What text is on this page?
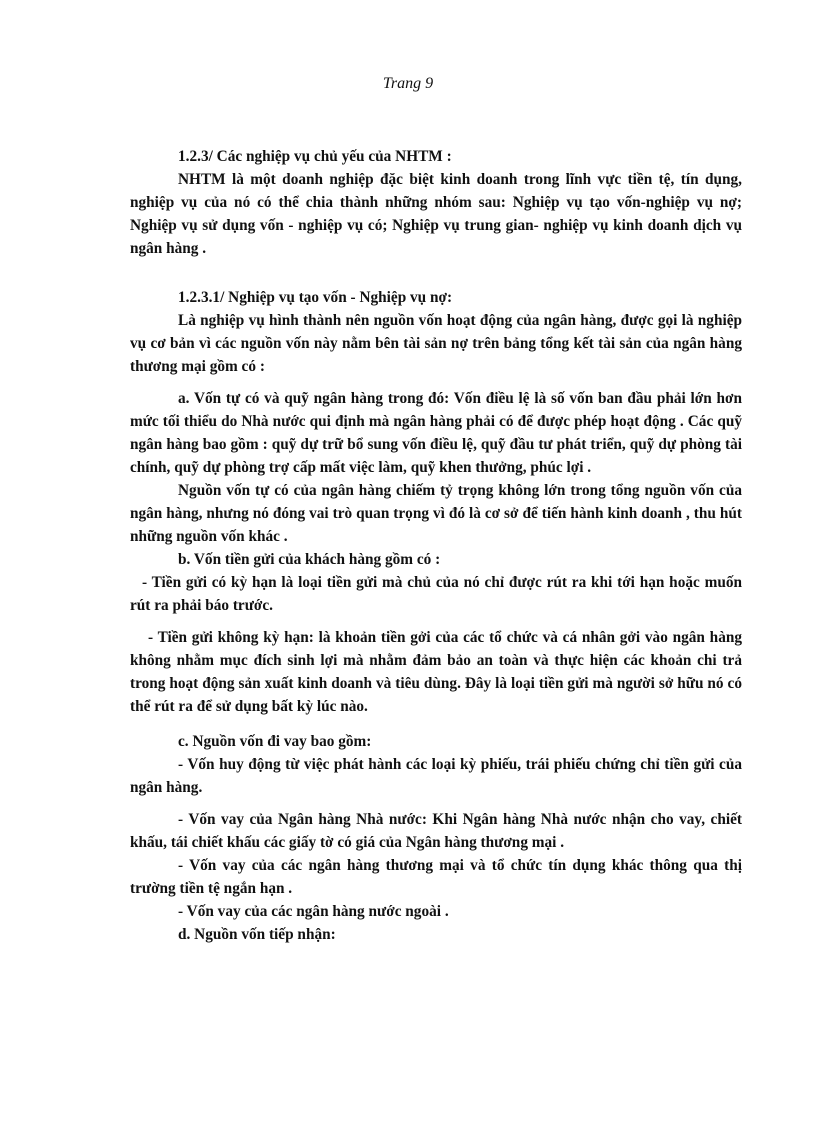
Trang 9

1.2.3/ Các nghiệp vụ chủ yếu của NHTM :

NHTM là một doanh nghiệp đặc biệt kinh doanh trong lĩnh vực tiền tệ, tín dụng, nghiệp vụ của nó có thể chia thành những nhóm sau: Nghiệp vụ tạo vốn-nghiệp vụ nợ; Nghiệp vụ sử dụng vốn - nghiệp vụ có; Nghiệp vụ trung gian- nghiệp vụ kinh doanh dịch vụ ngân hàng .

1.2.3.1/ Nghiệp vụ tạo vốn - Nghiệp vụ nợ:

Là nghiệp vụ hình thành nên nguồn vốn hoạt động của ngân hàng, được gọi là nghiệp vụ cơ bản vì các nguồn vốn này nằm bên tài sản nợ trên bảng tổng kết tài sản của ngân hàng thương mại gồm có :

a. Vốn tự có và quỹ ngân hàng trong đó: Vốn điều lệ là số vốn ban đầu phải lớn hơn mức tối thiểu do Nhà nước qui định mà ngân hàng phải có để được phép hoạt động . Các quỹ ngân hàng bao gồm : quỹ dự trữ bổ sung vốn điều lệ, quỹ đầu tư phát triển, quỹ dự phòng tài chính, quỹ dự phòng trợ cấp mất việc làm, quỹ khen thưởng, phúc lợi .

Nguồn vốn tự có của ngân hàng chiếm tỷ trọng không lớn trong tổng nguồn vốn của ngân hàng, nhưng nó đóng vai trò quan trọng vì đó là cơ sở để tiến hành kinh doanh , thu hút những nguồn vốn khác .

b. Vốn tiền gửi của khách hàng gồm có :

- Tiền gửi có kỳ hạn là loại tiền gửi mà chủ của nó chỉ được rút ra khi tới hạn hoặc muốn rút ra phải báo trước.

- Tiền gửi không kỳ hạn: là khoản tiền gởi của các tổ chức và cá nhân gởi vào ngân hàng không nhằm mục đích sinh lợi mà nhằm đảm bảo an toàn và thực hiện các khoản chi trả trong hoạt động sản xuất kinh doanh và tiêu dùng. Đây là loại tiền gửi mà người sở hữu nó có thể rút ra để sử dụng bất kỳ lúc nào.

c. Nguồn vốn đi vay bao gồm:

- Vốn huy động từ việc phát hành các loại kỳ phiếu, trái phiếu chứng chỉ tiền gửi của ngân hàng.

- Vốn vay của Ngân hàng Nhà nước: Khi Ngân hàng Nhà nước nhận cho vay, chiết khấu, tái chiết khấu các giấy tờ có giá của Ngân hàng thương mại .

- Vốn vay của các ngân hàng thương mại và tổ chức tín dụng khác thông qua thị trường tiền tệ ngắn hạn .

- Vốn vay của các ngân hàng nước ngoài .

d. Nguồn vốn tiếp nhận:
